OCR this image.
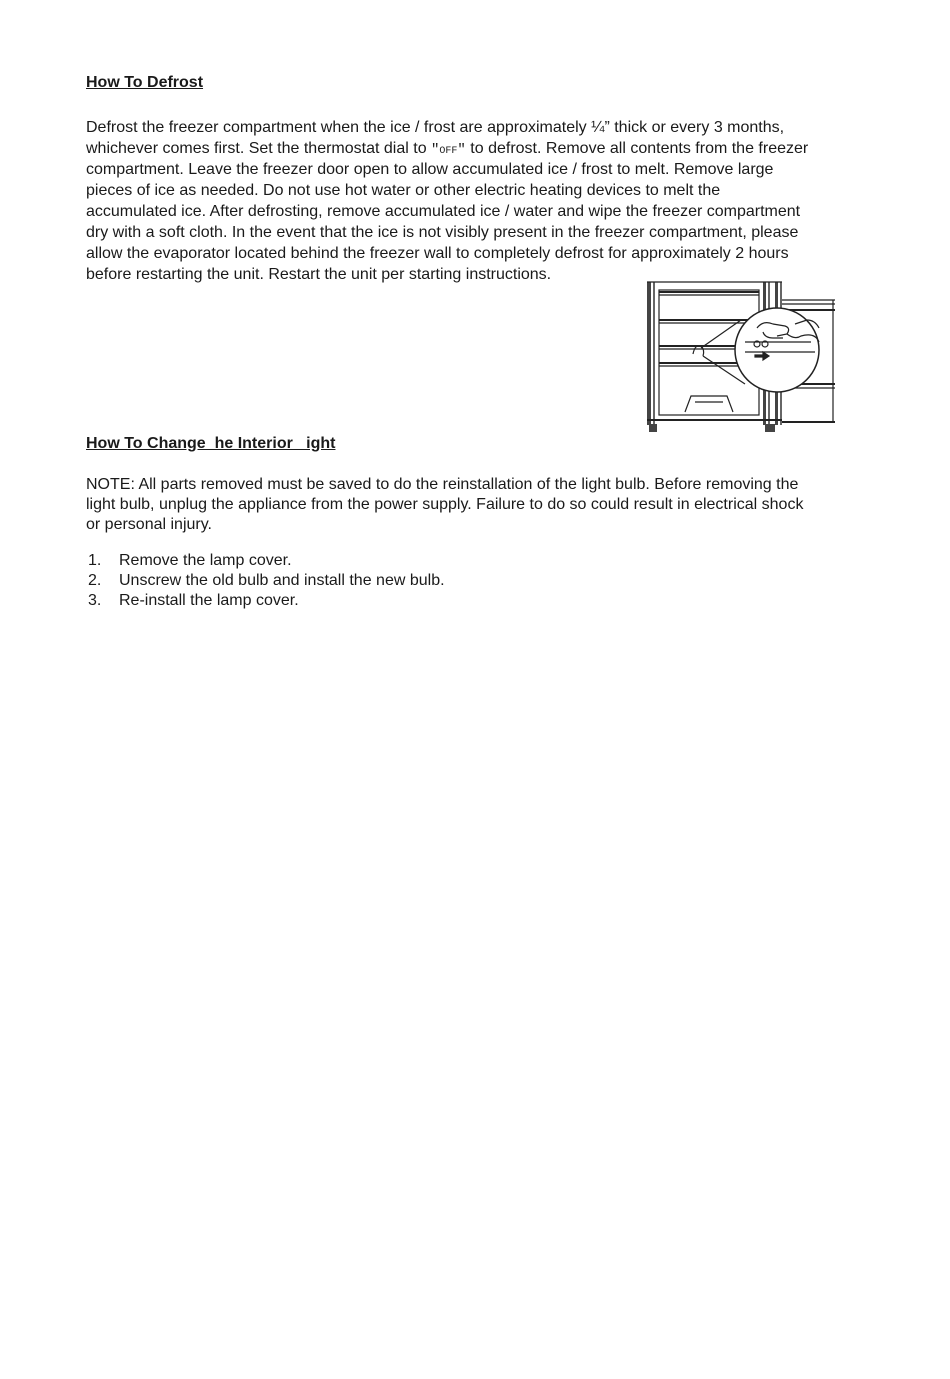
How To Defrost
Defrost the freezer compartment when the ice / frost are approximately ¼” thick or every 3 months,
whichever comes first. Set the thermostat dial to "off" to defrost. Remove all contents from the freezer
compartment. Leave the freezer door open to allow accumulated ice / frost to melt. Remove large
pieces of ice as needed. Do not use hot water or other electric heating devices to melt the
accumulated ice. After defrosting, remove accumulated ice / water and wipe the freezer compartment
dry with a soft cloth. In the event that the ice is not visibly present in the freezer compartment, please
allow the evaporator located behind the freezer wall to completely defrost for approximately 2 hours
before restarting the unit. Restart the unit per starting instructions.
How To Change  he Interior   ight
NOTE: All parts removed must be saved to do the reinstallation of the light bulb. Before removing the
light bulb, unplug the appliance from the power supply. Failure to do so could result in electrical shock
or personal injury.
1. Remove the lamp cover.
2. Unscrew the old bulb and install the new bulb.
3. Re-install the lamp cover.
